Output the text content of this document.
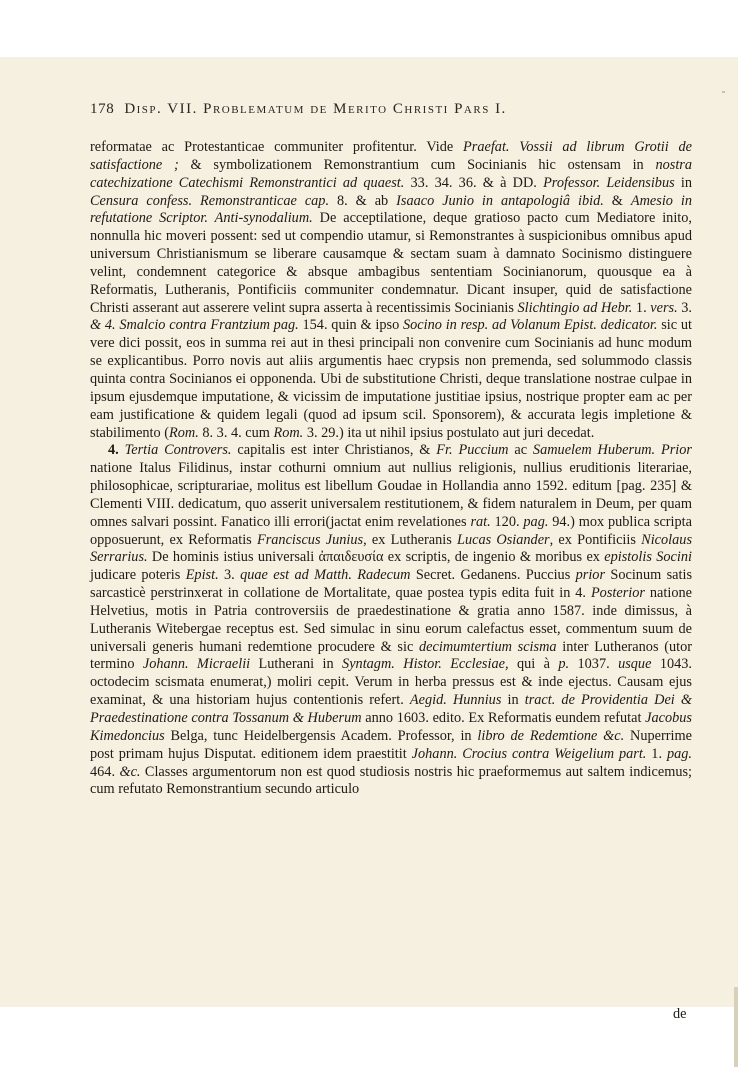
178 Disp. VII. Problematum de Merito Christi Pars I.

reformatae ac Protestanticae communiter profitentur. Vide Praefat. Vossii ad librum Grotii de satisfactione ; & symbolizationem Remonstrantium cum Socinianis hic ostensam in nostra catechizatione Catechismi Remonstrantici ad quaest. 33. 34. 36. & à DD. Professor. Leidensibus in Censura confess. Remonstranticae cap. 8. & ab Isaaco Junio in antapologiâ ibid. & Amesio in refutatione Scriptor. Anti-synodalium. De acceptilatione, deque gratioso pacto cum Mediatore inito, nonnulla hic moveri possent: sed ut compendio utamur, si Remonstrantes à suspicionibus omnibus apud universum Christianismum se liberare causamque & sectam suam à damnato Socinismo distinguere velint, condemnent categorice & absque ambagibus sententiam Socinianorum, quousque ea à Reformatis, Lutheranis, Pontificiis communiter condemnatur. Dicant insuper, quid de satisfactione Christi asserant aut asserere velint supra asserta à recentissimis Socinianis Slichtingio ad Hebr. 1. vers. 3. & 4. Smalcio contra Frantzium pag. 154. quin & ipso Socino in resp. ad Volanum Epist. dedicator. sic ut vere dici possit, eos in summa rei aut in thesi principali non convenire cum Socinianis ad hunc modum se explicantibus. Porro novis aut aliis argumentis haec crypsis non premenda, sed solummodo classis quinta contra Socinianos ei opponenda. Ubi de substitutione Christi, deque translatione nostrae culpae in ipsum ejusdemque imputatione, & vicissim de imputatione justitiae ipsius, nostrique propter eam ac per eam justificatione & quidem legali (quod ad ipsum scil. Sponsorem), & accurata legis impletione & stabilimento (Rom. 8. 3. 4. cum Rom. 3. 29.) ita ut nihil ipsius postulato aut juri decedat.

4. Tertia Controvers. capitalis est inter Christianos, & Fr. Puccium ac Samuelem Huberum. Prior natione Italus Filidinus, instar cothurni omnium aut nullius religionis, nullius eruditionis literariae, philosophicae, scripturariae, molitus est libellum Goudae in Hollandia anno 1592. editum [pag. 235] & Clementi VIII. dedicatum, quo asserit universalem restitutionem, & fidem naturalem in Deum, per quam omnes salvari possint. Fanatico illi errori(jactat enim revelationes rat. 120. pag. 94.) mox publica scripta opposuerunt, ex Reformatis Franciscus Junius, ex Lutheranis Lucas Osiander, ex Pontificiis Nicolaus Serrarius. De hominis istius universali ἀπαιδευσία ex scriptis, de ingenio & moribus ex epistolis Socini judicare poteris Epist. 3. quae est ad Matth. Radecum Secret. Gedanens. Puccius prior Socinum satis sarcasticè perstrinxerat in collatione de Mortalitate, quae postea typis edita fuit in 4. Posterior natione Helvetius, motis in Patria controversiis de praedestinatione & gratia anno 1587. inde dimissus, à Lutheranis Witebergae receptus est. Sed simulac in sinu eorum calefactus esset, commentum suum de universali generis humani redemtione procudere & sic decimumtertium scisma inter Lutheranos (utor termino Johann. Micraelii Lutherani in Syntagm. Histor. Ecclesiae, qui à p. 1037. usque 1043. octodecim scismata enumerat,) moliri cepit. Verum in herba pressus est & inde ejectus. Causam ejus examinat, & una historiam hujus contentionis refert. Aegid. Hunnius in tract. de Providentia Dei & Praedestinatione contra Tossanum & Huberum anno 1603. edito. Ex Reformatis eundem refutat Jacobus Kimedoncius Belga, tunc Heidelbergensis Academ. Professor, in libro de Redemtione &c. Nuperrime post primam hujus Disputat. editionem idem praestitit Johann. Crocius contra Weigelium part. 1. pag. 464. &c. Classes argumentorum non est quod studiosis nostris hic praeformemus aut saltem indicemus; cum refutato Remonstrantium secundo articulo

de
